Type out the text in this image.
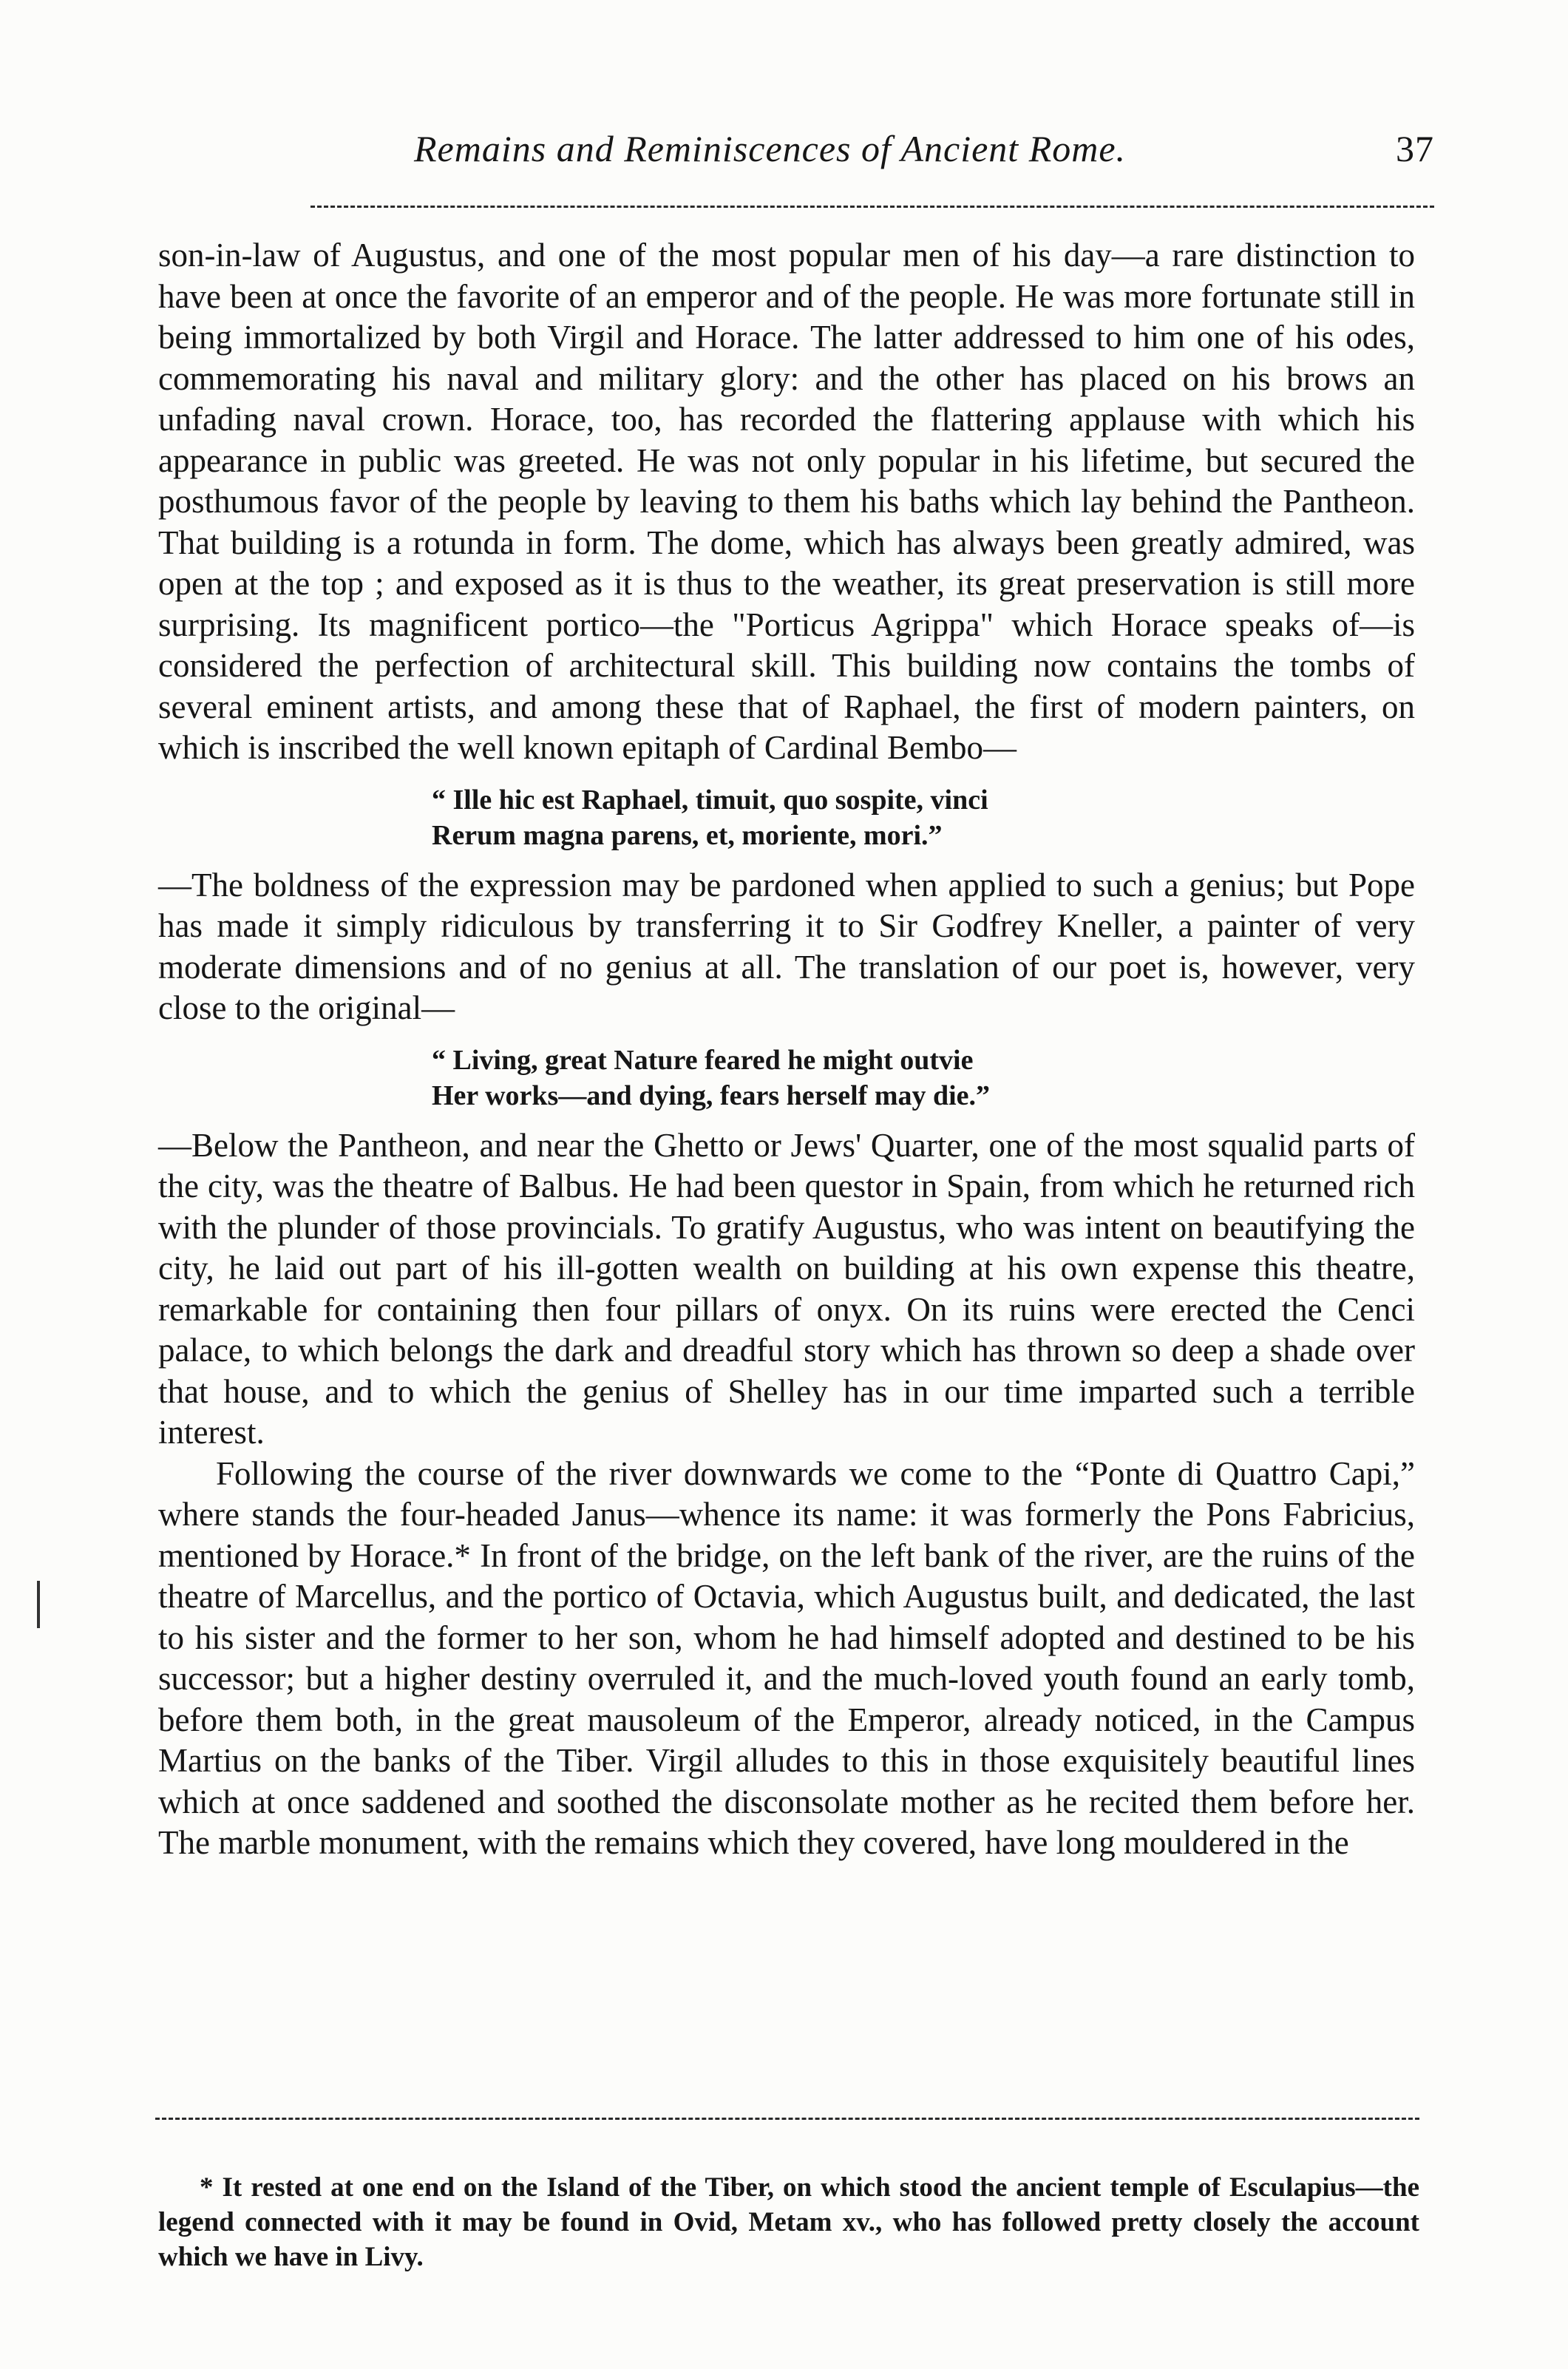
Remains and Reminiscences of Ancient Rome.	37

son-in-law of Augustus, and one of the most popular men of his day—a rare distinction to have been at once the favorite of an emperor and of the people. He was more fortunate still in being immortalized by both Virgil and Horace. The latter addressed to him one of his odes, commemorating his naval and military glory: and the other has placed on his brows an unfading naval crown. Horace, too, has recorded the flattering applause with which his appearance in public was greeted. He was not only popular in his lifetime, but secured the posthumous favor of the people by leaving to them his baths which lay behind the Pantheon. That building is a rotunda in form. The dome, which has always been greatly admired, was open at the top ; and exposed as it is thus to the weather, its great preservation is still more surprising. Its magnificent portico—the "Porticus Agrippa" which Horace speaks of—is considered the perfection of architectural skill. This building now contains the tombs of several eminent artists, and among these that of Raphael, the first of modern painters, on which is inscribed the well known epitaph of Cardinal Bembo—

“ Ille hic est Raphael, timuit, quo sospite, vinci
Rerum magna parens, et, moriente, mori.”

—The boldness of the expression may be pardoned when applied to such a genius; but Pope has made it simply ridiculous by transferring it to Sir Godfrey Kneller, a painter of very moderate dimensions and of no genius at all. The translation of our poet is, however, very close to the original—

“ Living, great Nature feared he might outvie
Her works—and dying, fears herself may die.”

—Below the Pantheon, and near the Ghetto or Jews' Quarter, one of the most squalid parts of the city, was the theatre of Balbus. He had been questor in Spain, from which he returned rich with the plunder of those provincials. To gratify Augustus, who was intent on beautifying the city, he laid out part of his ill-gotten wealth on building at his own expense this theatre, remarkable for containing then four pillars of onyx. On its ruins were erected the Cenci palace, to which belongs the dark and dreadful story which has thrown so deep a shade over that house, and to which the genius of Shelley has in our time imparted such a terrible interest.

Following the course of the river downwards we come to the “Ponte di Quattro Capi,” where stands the four-headed Janus—whence its name: it was formerly the Pons Fabricius, mentioned by Horace.* In front of the bridge, on the left bank of the river, are the ruins of the theatre of Marcellus, and the portico of Octavia, which Augustus built, and dedicated, the last to his sister and the former to her son, whom he had himself adopted and destined to be his successor; but a higher destiny overruled it, and the much-loved youth found an early tomb, before them both, in the great mausoleum of the Emperor, already noticed, in the Campus Martius on the banks of the Tiber. Virgil alludes to this in those exquisitely beautiful lines which at once saddened and soothed the disconsolate mother as he recited them before her. The marble monument, with the remains which they covered, have long mouldered in the

* It rested at one end on the Island of the Tiber, on which stood the ancient temple of Esculapius—the legend connected with it may be found in Ovid, Metam xv., who has followed pretty closely the account which we have in Livy.
